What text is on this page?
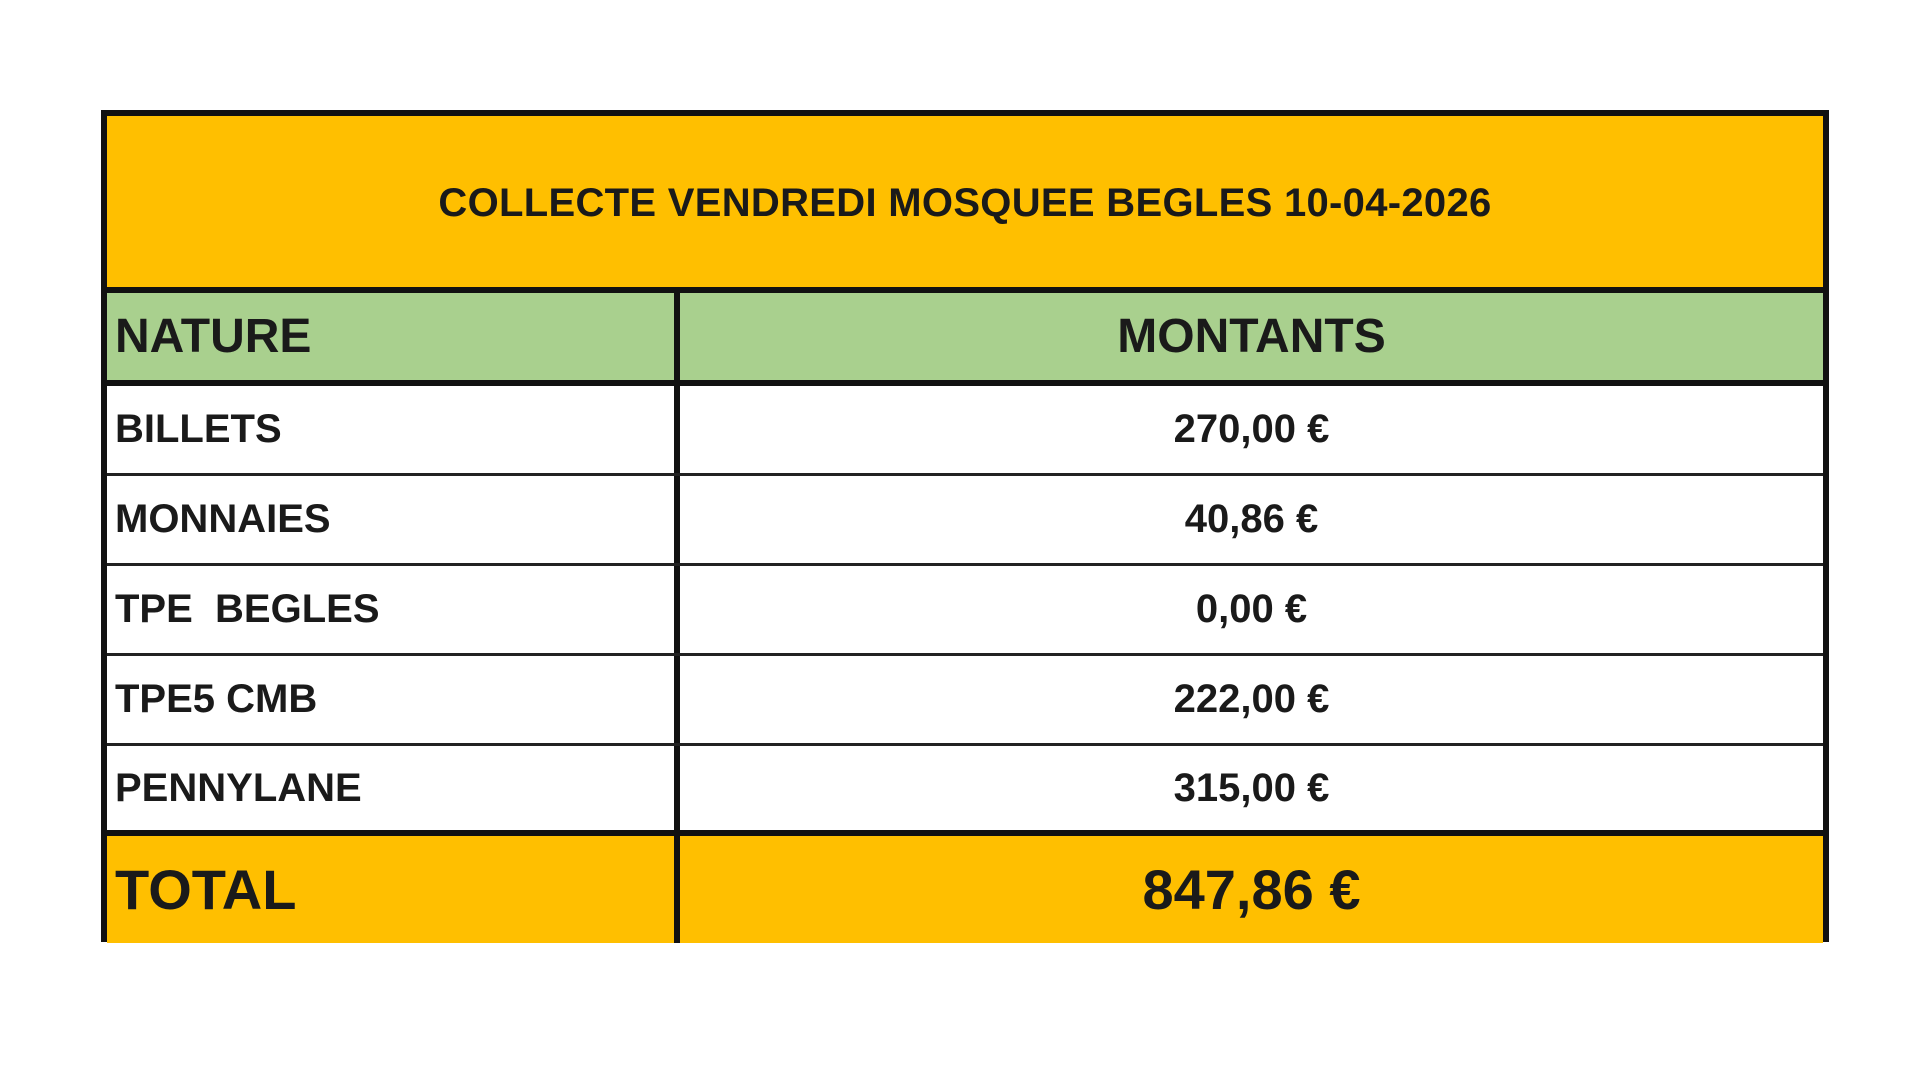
COLLECTE VENDREDI MOSQUEE BEGLES 10-04-2026
NATURE	MONTANTS
BILLETS	270,00 €
MONNAIES	40,86 €
TPE  BEGLES	0,00 €
TPE5 CMB	222,00 €
PENNYLANE	315,00 €
TOTAL	847,86 €
